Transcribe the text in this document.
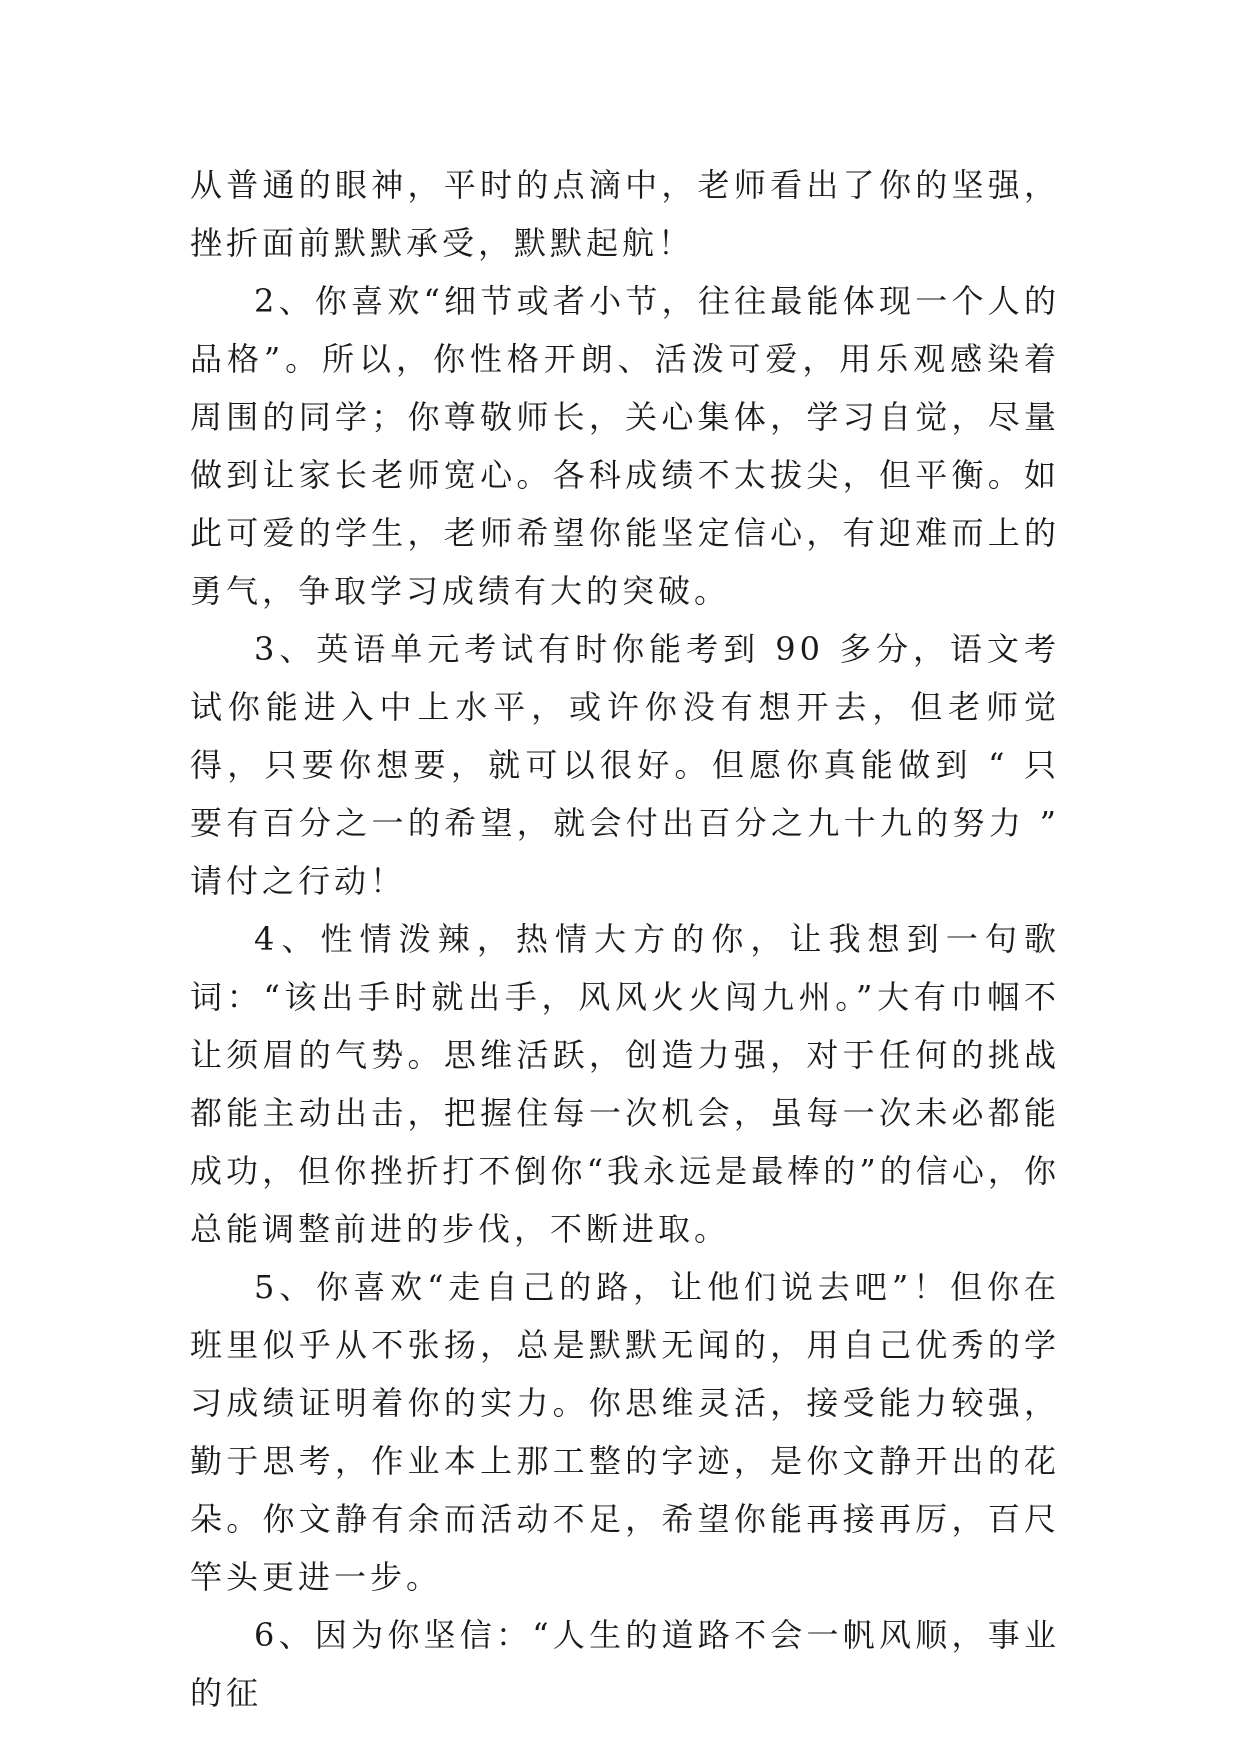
从普通的眼神，平时的点滴中，老师看出了你的坚强，挫折面前默默承受，默默起航！

2、你喜欢“细节或者小节，往往最能体现一个人的品格”。所以，你性格开朗、活泼可爱，用乐观感染着周围的同学；你尊敬师长，关心集体，学习自觉，尽量做到让家长老师宽心。各科成绩不太拔尖，但平衡。如此可爱的学生，老师希望你能坚定信心，有迎难而上的勇气，争取学习成绩有大的突破。

3、英语单元考试有时你能考到 90 多分，语文考试你能进入中上水平，或许你没有想开去，但老师觉得，只要你想要，就可以很好。但愿你真能做到 “ 只要有百分之一的希望，就会付出百分之九十九的努力 ” 请付之行动！

4、性情泼辣，热情大方的你，让我想到一句歌词：“该出手时就出手，风风火火闯九州。”大有巾帼不让须眉的气势。思维活跃，创造力强，对于任何的挑战都能主动出击，把握住每一次机会，虽每一次未必都能成功，但你挫折打不倒你“我永远是最棒的”的信心，你总能调整前进的步伐，不断进取。

5、你喜欢“走自己的路，让他们说去吧”！但你在班里似乎从不张扬，总是默默无闻的，用自己优秀的学习成绩证明着你的实力。你思维灵活，接受能力较强，勤于思考，作业本上那工整的字迹，是你文静开出的花朵。你文静有余而活动不足，希望你能再接再厉，百尺竿头更进一步。

6、因为你坚信：“人生的道路不会一帆风顺，事业的征
